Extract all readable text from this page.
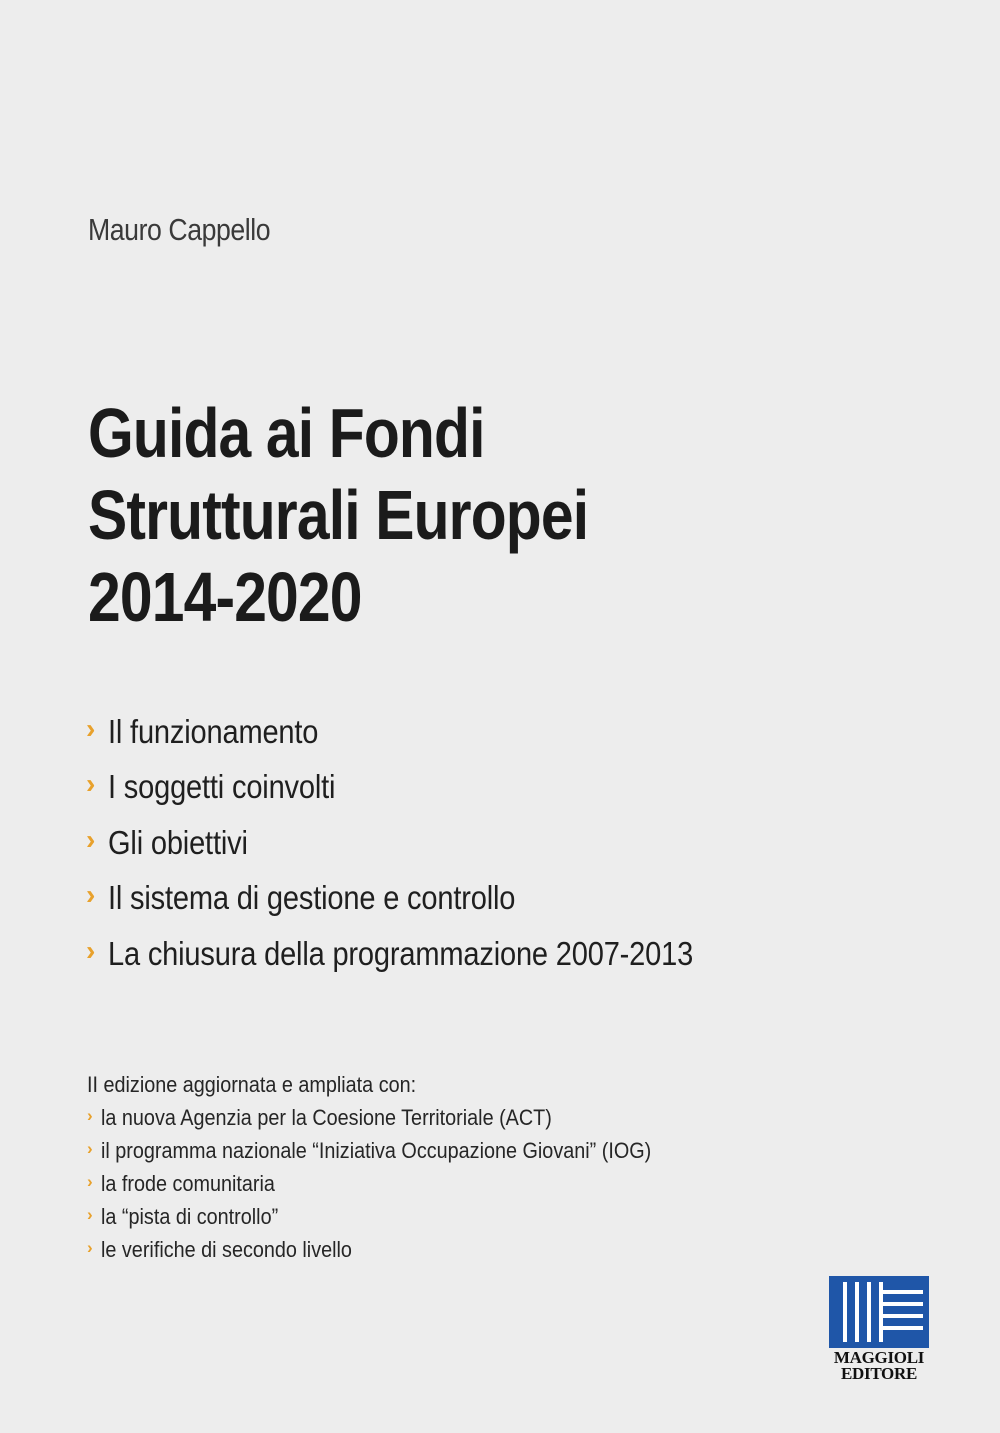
Mauro Cappello
Guida ai Fondi
Strutturali Europei
2014-2020
› Il funzionamento
› I soggetti coinvolti
› Gli obiettivi
› Il sistema di gestione e controllo
› La chiusura della programmazione 2007-2013
II edizione aggiornata e ampliata con:
› la nuova Agenzia per la Coesione Territoriale (ACT)
› il programma nazionale “Iniziativa Occupazione Giovani” (IOG)
› la frode comunitaria
› la “pista di controllo”
› le verifiche di secondo livello
MAGGIOLI
EDITORE
